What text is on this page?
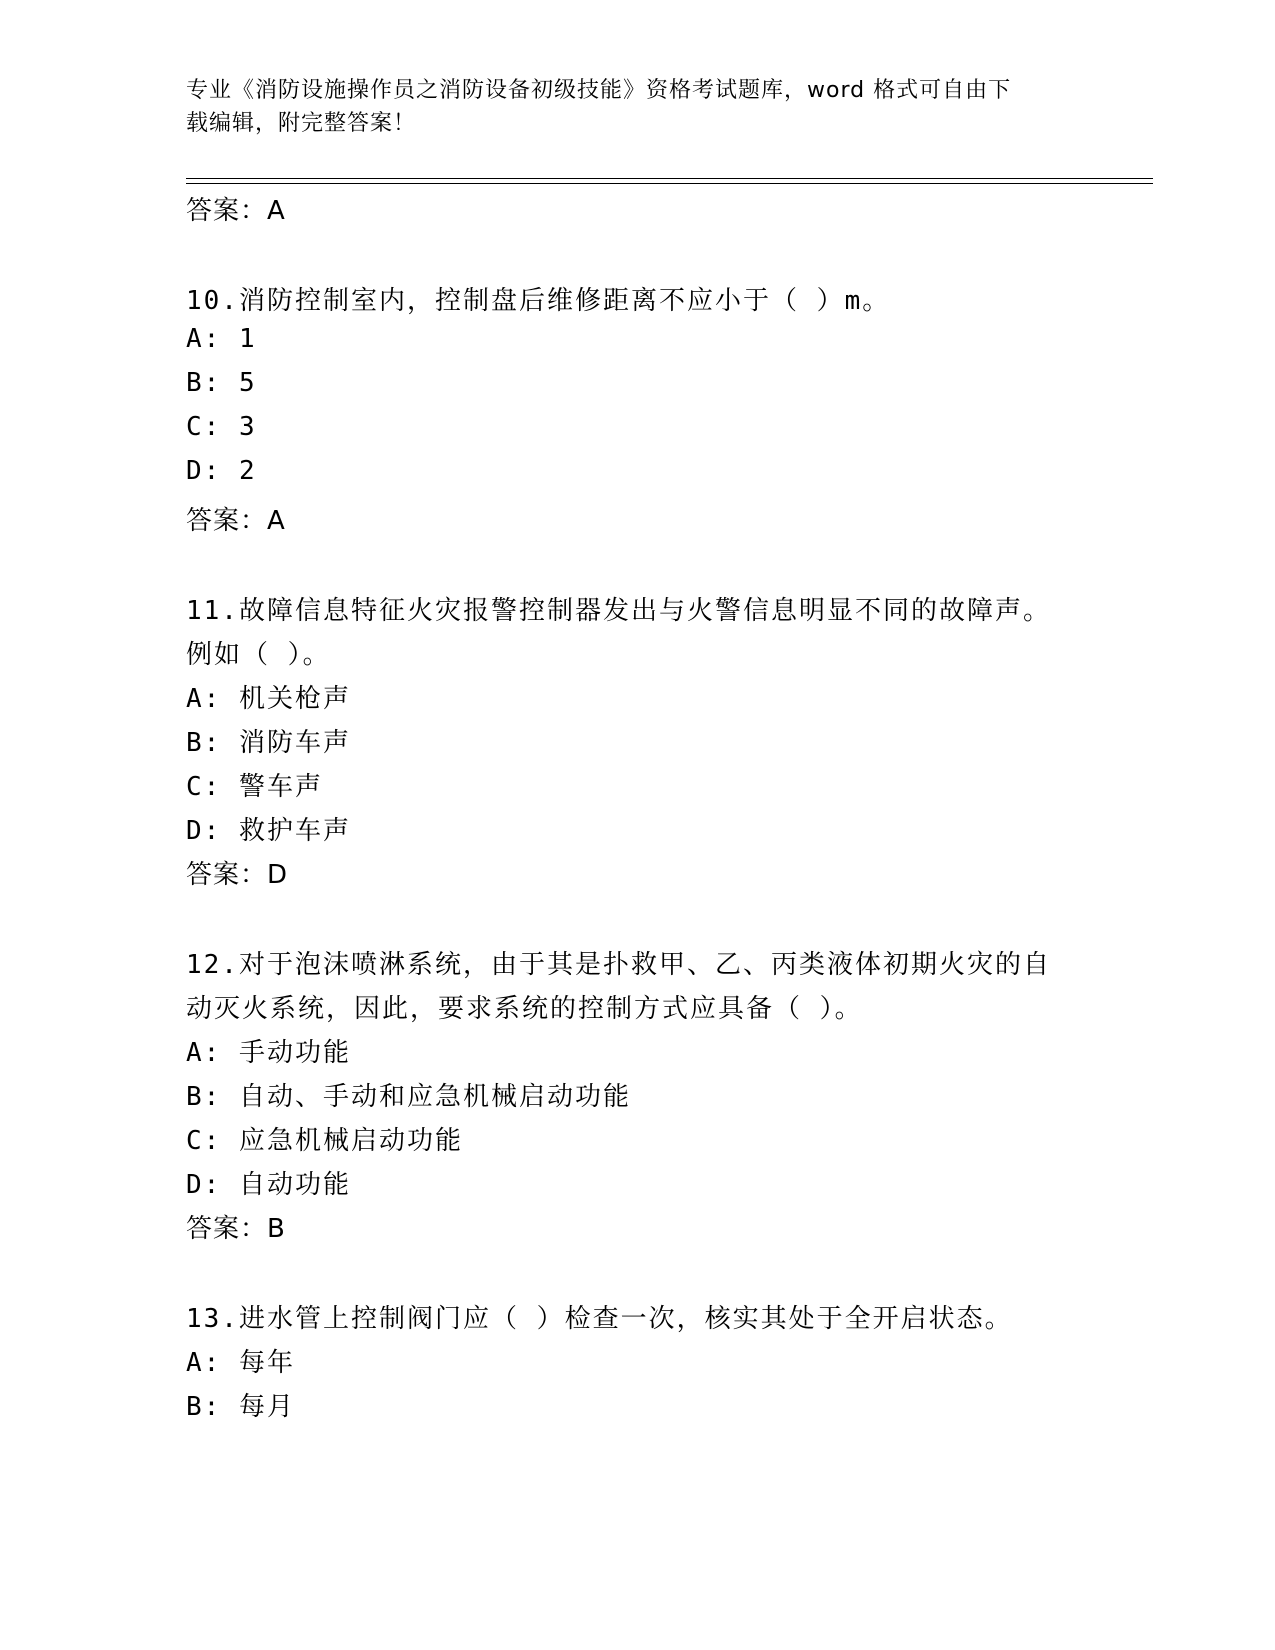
专业《消防设施操作员之消防设备初级技能》资格考试题库，word 格式可自由下
载编辑，附完整答案！
答案：A
10.消防控制室内，控制盘后维修距离不应小于（ ）m。
A: 1
B: 5
C: 3
D: 2
答案：A
11.故障信息特征火灾报警控制器发出与火警信息明显不同的故障声。
例如（ ）。
A: 机关枪声
B: 消防车声
C: 警车声
D: 救护车声
答案：D
12.对于泡沫喷淋系统，由于其是扑救甲、乙、丙类液体初期火灾的自
动灭火系统，因此，要求系统的控制方式应具备（ ）。
A: 手动功能
B: 自动、手动和应急机械启动功能
C: 应急机械启动功能
D: 自动功能
答案：B
13.进水管上控制阀门应（ ）检查一次，核实其处于全开启状态。
A: 每年
B: 每月
